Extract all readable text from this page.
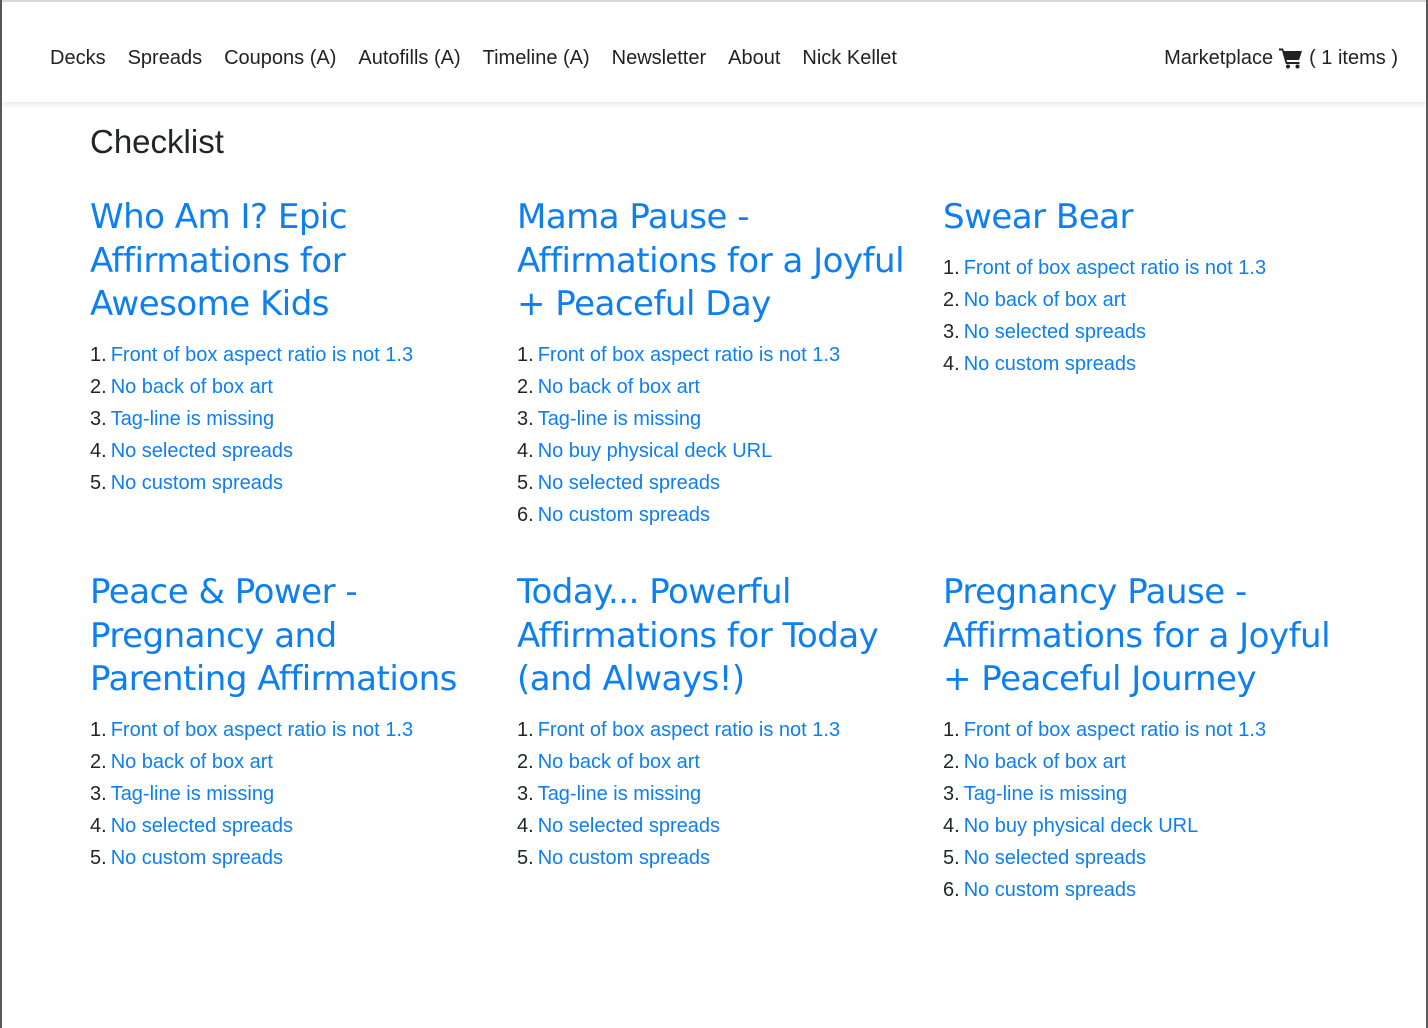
Decks Spreads Coupons (A) Autofills (A) Timeline (A) Newsletter About Nick Kellet	Marketplace ( 1 items )
Checklist
Who Am I? Epic Affirmations for Awesome Kids
1. Front of box aspect ratio is not 1.3
2. No back of box art
3. Tag-line is missing
4. No selected spreads
5. No custom spreads
Mama Pause - Affirmations for a Joyful + Peaceful Day
1. Front of box aspect ratio is not 1.3
2. No back of box art
3. Tag-line is missing
4. No buy physical deck URL
5. No selected spreads
6. No custom spreads
Swear Bear
1. Front of box aspect ratio is not 1.3
2. No back of box art
3. No selected spreads
4. No custom spreads
Peace & Power - Pregnancy and Parenting Affirmations
1. Front of box aspect ratio is not 1.3
2. No back of box art
3. Tag-line is missing
4. No selected spreads
5. No custom spreads
Today... Powerful Affirmations for Today (and Always!)
1. Front of box aspect ratio is not 1.3
2. No back of box art
3. Tag-line is missing
4. No selected spreads
5. No custom spreads
Pregnancy Pause - Affirmations for a Joyful + Peaceful Journey
1. Front of box aspect ratio is not 1.3
2. No back of box art
3. Tag-line is missing
4. No buy physical deck URL
5. No selected spreads
6. No custom spreads
